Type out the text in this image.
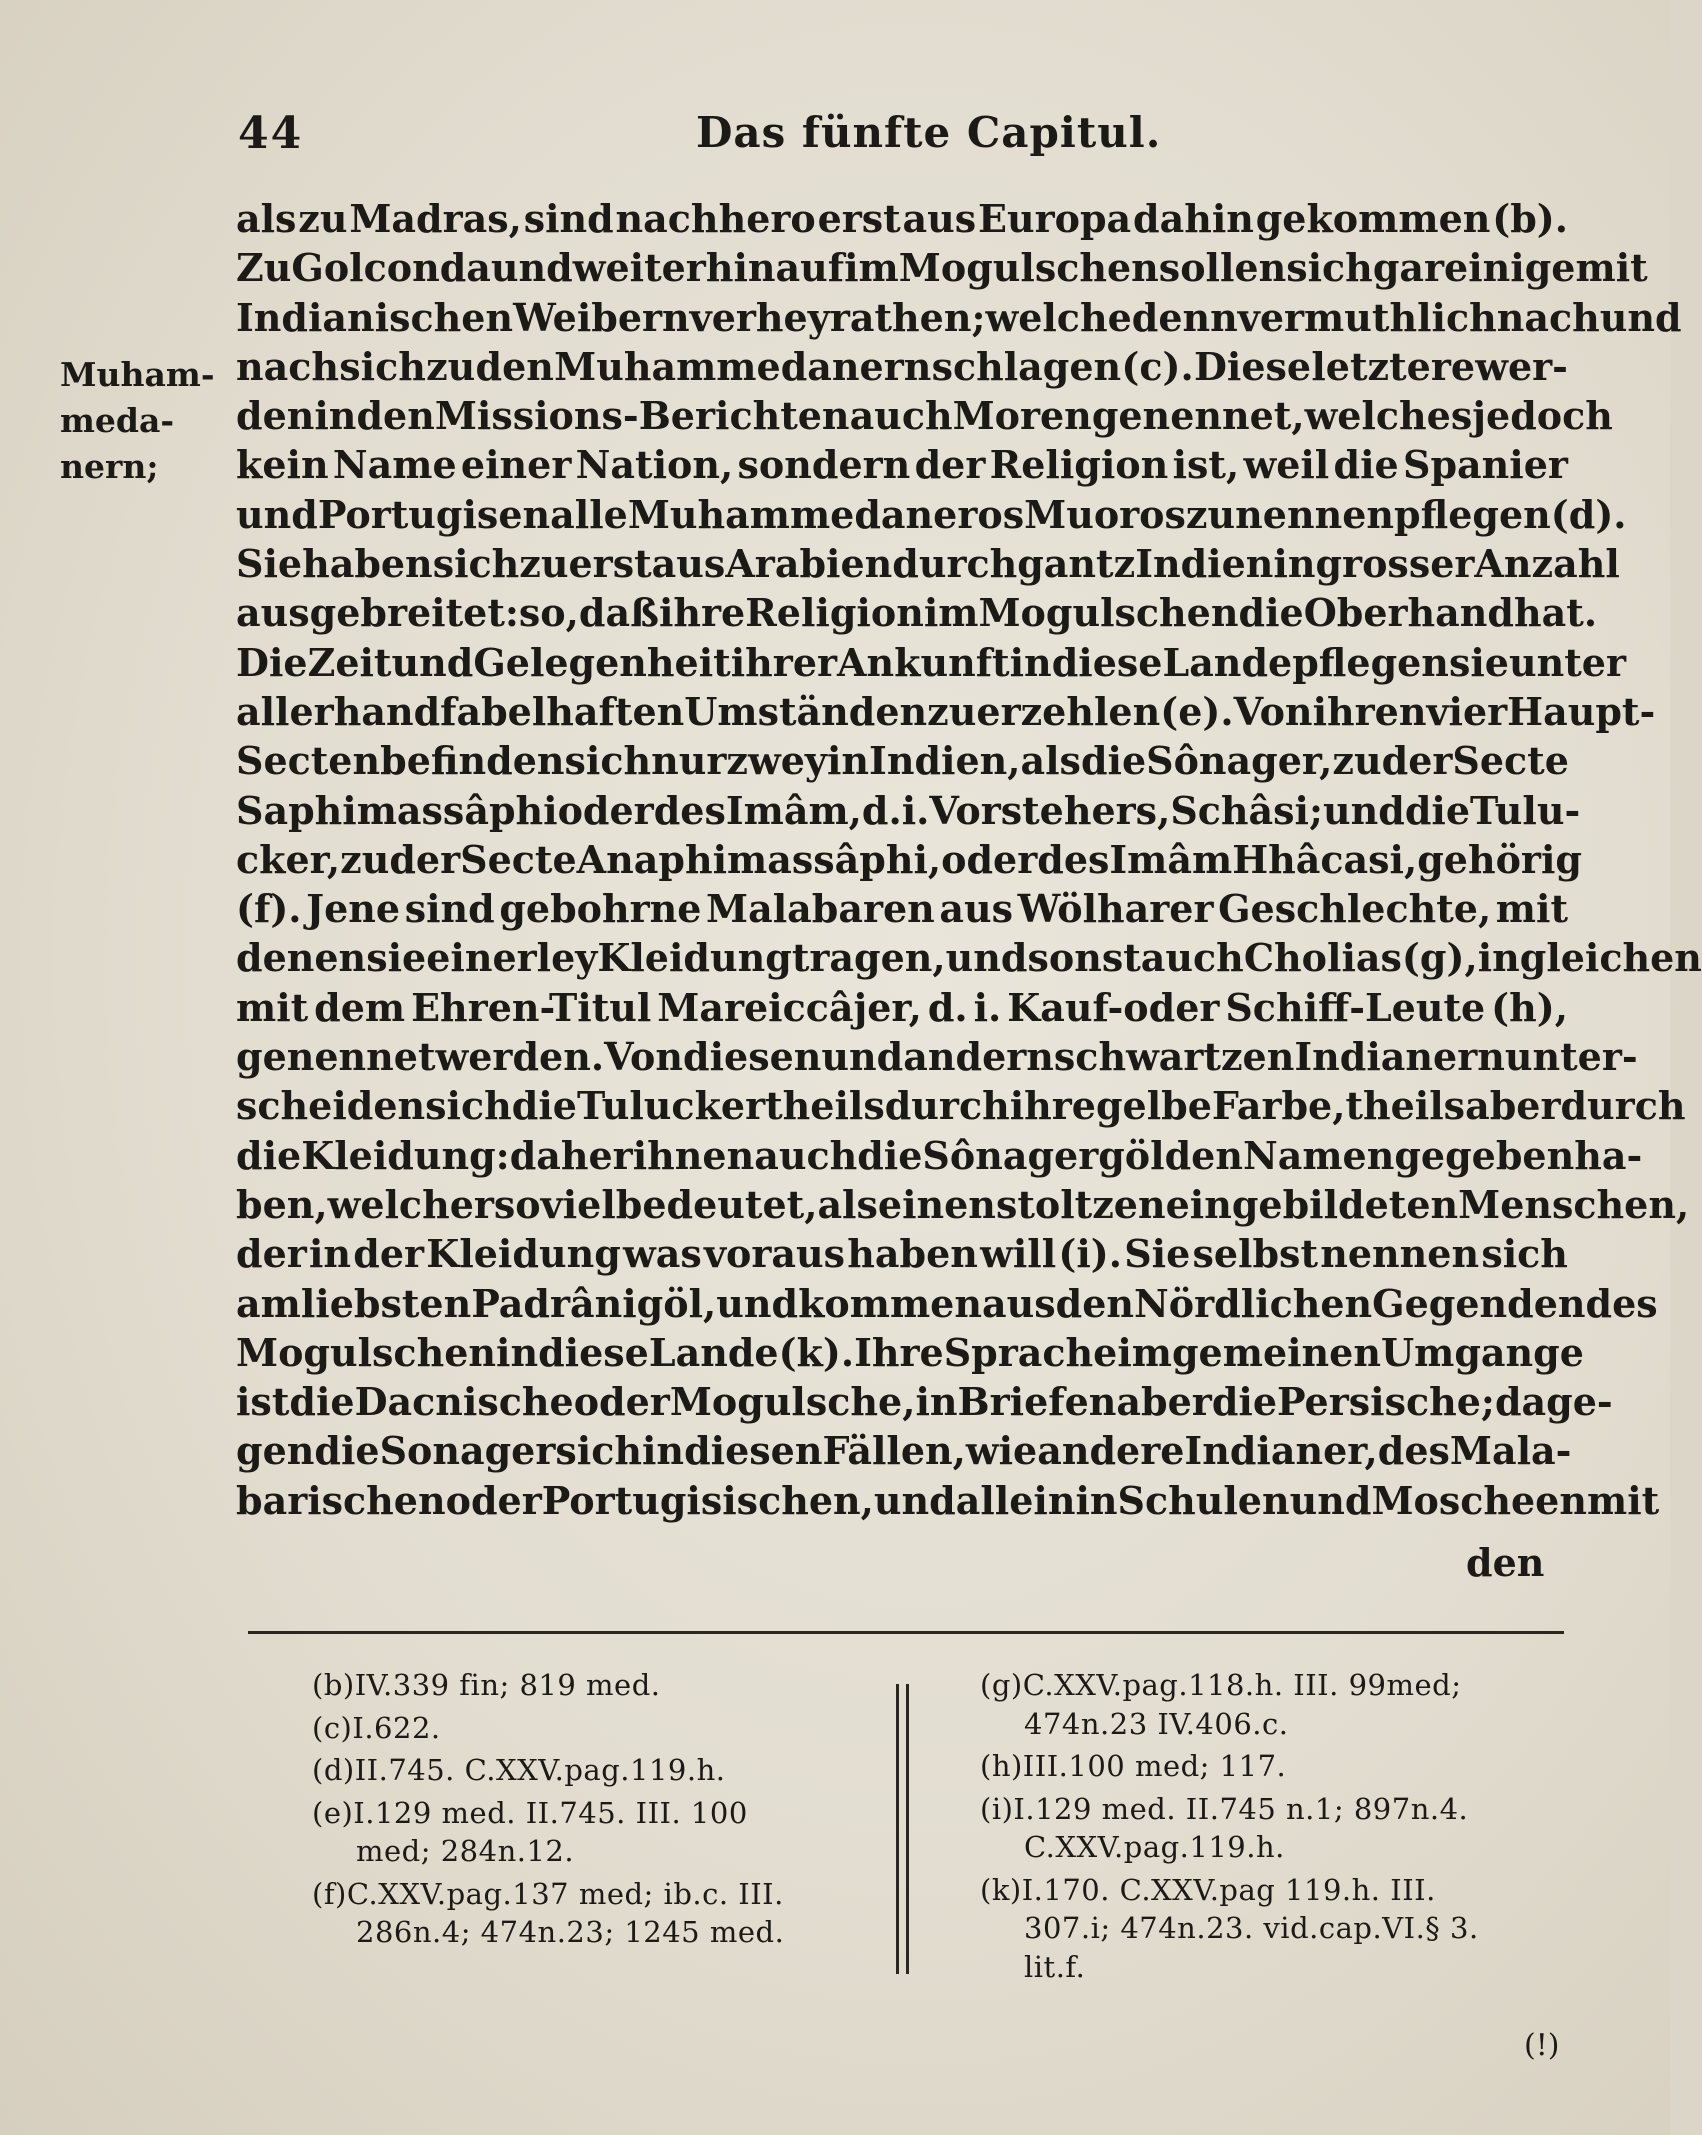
44	Das fünfte Capitul.
Muham-
meda-
nern;
als zu Madras, sind nachhero erst aus Europa dahin gekommen (b).
Zu Golconda und weiter hinauf im Mogulschen sollen sich gar einige mit
Indianischen Weibern verheyrathen; welche denn vermuthlich nach und
nach sich zu den Muhammedanern schlagen (c). Diese letztere wer-
den in den Missions-Berichten auch Moren genennet, welches jedoch
kein Name einer Nation, sondern der Religion ist, weil die Spanier
und Portugisen alle Muhammedaner os Muoros zu nennen pflegen (d).
Sie haben sich zuerst aus Arabien durch gantz Indien in grosser Anzahl
ausgebreitet: so, daß ihre Religion im Mogulschen die Oberhand hat.
Die Zeit und Gelegenheit ihrer Ankunft in diese Lande pflegen sie unter
allerhand fabelhaften Umständen zu erzehlen (e). Von ihren vier Haupt-
Secten befinden sich nur zwey in Indien, als die Sônager, zu der Secte
Saphimassâphi oder des Imâm, d. i. Vorstehers, Schâsi; und die Tulu-
cker, zu der Secte Anaphimassâphi, oder des Imâm Hhâcasi, gehörig
(f). Jene sind gebohrne Malabaren aus Wölharer Geschlechte, mit
denen sie einerley Kleidung tragen, und sonst auch Cholias (g), ingleichen
mit dem Ehren-Titul Mareiccâjer, d. i. Kauf-oder Schiff-Leute (h),
genennet werden. Von diesen und andern schwartzen Indianern unter-
scheiden sich die Tulucker theils durch ihre gelbe Farbe, theils aber durch
die Kleidung: daher ihnen auch die Sônagergöl den Namen gegeben ha-
ben, welcher so viel bedeutet, als einen stoltzen eingebildeten Menschen,
der in der Kleidung was voraus haben will (i). Sie selbst nennen sich
am liebsten Padrânigöl, und kommen aus den Nördlichen Gegenden des
Mogulschen in diese Lande (k). Ihre Sprache im gemeinen Umgange
ist die Dacnische oder Mogulsche, in Briefen aber die Persische; dage-
gen die Sonager sich in diesen Fällen, wie andere Indianer, des Mala-
barischen oder Portugisischen, und allein in Schulen und Moscheen mit
den
(b)IV.339 fin; 819 med.
(c)I.622.
(d)II.745. C.XXV.pag.119.h.
(e)I.129 med. II.745. III. 100
med; 284n.12.
(f)C.XXV.pag.137 med; ib.c. III.
286n.4; 474n.23; 1245 med.
(g)C.XXV.pag.118.h. III. 99med;
474n.23 IV.406.c.
(h)III.100 med; 117.
(i)I.129 med. II.745 n.1; 897n.4.
C.XXV.pag.119.h.
(k)I.170. C.XXV.pag 119.h. III.
307.i; 474n.23. vid.cap.VI.§ 3.
lit.f.
(!)
